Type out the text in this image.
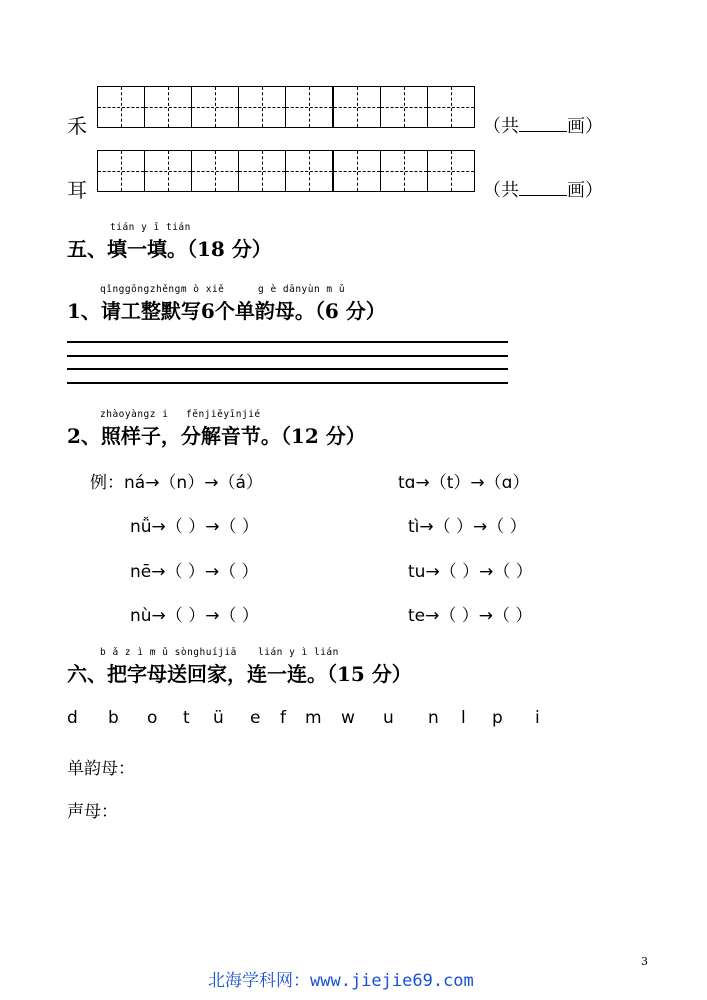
禾	（共	画）
耳	（共	画）
tián y ī tián
五、填一填。（18 分）
qǐnggōngzhěngm ò xiě	g è dānyùn m ǔ
1、请工整默写6个单韵母。（6 分）
zhàoyàngz i fēnjiěyīnjié
2、照样子，分解音节。（12 分）
例：ná→（n）→（á）	tɑ→（t）→（ɑ）
nǚ→（ ）→（ ）	tì→（ ）→（ ）
nē→（ ）→（ ）	tu→（ ）→（ ）
nù→（ ）→（ ）	te→（ ）→（ ）
b ǎ z ì m ǔ sònghuíjiā lián y ì lián
六、把字母送回家，连一连。（15 分）
d b o t ü e f m w u n l p i
单韵母：
声母：
3
北海学科网：www.jiejie69.com
